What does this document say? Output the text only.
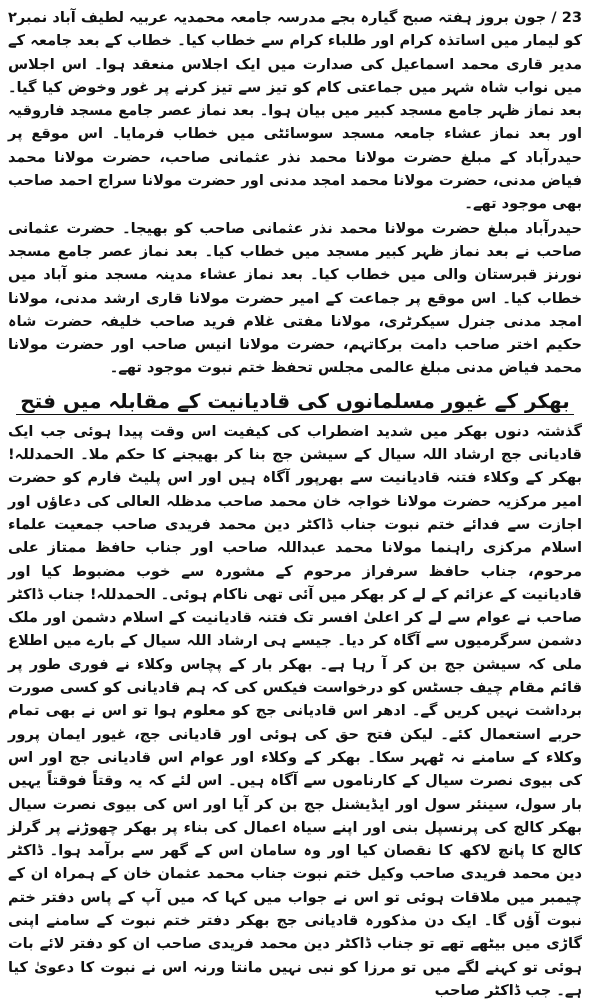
23 / جون بروز ہفتہ صبح گیارہ بجے مدرسہ جامعہ محمدیہ عربیہ لطیف آباد نمبر۲ کو لیمار میں اساتذہ کرام اور طلباء کرام سے خطاب کیا۔ خطاب کے بعد جامعہ کے مدیر قاری محمد اسماعیل کی صدارت میں ایک اجلاس منعقد ہوا۔ اس اجلاس میں نواب شاہ شہر میں جماعتی کام کو تیز سے تیز کرنے پر غور وخوض کیا گیا۔ بعد نماز ظہر جامع مسجد کبیر میں بیان ہوا۔ بعد نماز عصر جامع مسجد فاروقیہ اور بعد نماز عشاء جامعہ مسجد سوسائٹی میں خطاب فرمایا۔ اس موقع پر حیدرآباد کے مبلغ حضرت مولانا محمد نذر عثمانی صاحب، حضرت مولانا محمد فیاض مدنی، حضرت مولانا محمد امجد مدنی اور حضرت مولانا سراج احمد صاحب بھی موجود تھے۔

حیدرآباد مبلغ حضرت مولانا محمد نذر عثمانی صاحب کو بھیجا۔ حضرت عثمانی صاحب نے بعد نماز ظہر کبیر مسجد میں خطاب کیا۔ بعد نماز عصر جامع مسجد نورنز قبرستان والی میں خطاب کیا۔ بعد نماز عشاء مدینہ مسجد منو آباد میں خطاب کیا۔ اس موقع پر جماعت کے امیر حضرت مولانا قاری ارشد مدنی، مولانا امجد مدنی جنرل سیکرٹری، مولانا مفتی غلام فرید صاحب خلیفہ حضرت شاہ حکیم اختر صاحب دامت برکاتہم، حضرت مولانا انیس صاحب اور حضرت مولانا محمد فیاض مدنی مبلغ عالمی مجلس تحفظ ختم نبوت موجود تھے۔

بھکر کے غیور مسلمانوں کی قادیانیت کے مقابلہ میں فتح

گذشتہ دنوں بھکر میں شدید اضطراب کی کیفیت اس وقت پیدا ہوئی جب ایک قادیانی جج ارشاد اللہ سیال کے سیشن جج بنا کر بھیجنے کا حکم ملا۔ الحمدللہ! بھکر کے وکلاء فتنہ قادیانیت سے بھرپور آگاہ ہیں اور اس پلیٹ فارم کو حضرت امیر مرکزیہ حضرت مولانا خواجہ خان محمد صاحب مدظلہ العالی کی دعاؤں اور اجازت سے فدائے ختم نبوت جناب ڈاکٹر دین محمد فریدی صاحب جمعیت علماء اسلام مرکزی راہنما مولانا محمد عبداللہ صاحب اور جناب حافظ ممتاز علی مرحوم، جناب حافظ سرفراز مرحوم کے مشورہ سے خوب مضبوط کیا اور قادیانیت کے عزائم کے لے کر بھکر میں آئی تھی ناکام ہوئی۔ الحمدللہ! جناب ڈاکٹر صاحب نے عوام سے لے کر اعلیٰ افسر تک فتنہ قادیانیت کے اسلام دشمن اور ملک دشمن سرگرمیوں سے آگاہ کر دیا۔ جیسے ہی ارشاد اللہ سیال کے بارے میں اطلاع ملی کہ سیشن جج بن کر آ رہا ہے۔ بھکر بار کے پچاس وکلاء نے فوری طور پر قائم مقام چیف جسٹس کو درخواست فیکس کی کہ ہم قادیانی کو کسی صورت برداشت نہیں کریں گے۔ ادھر اس قادیانی جج کو معلوم ہوا تو اس نے بھی تمام حربے استعمال کئے۔ لیکن فتح حق کی ہوئی اور قادیانی جج، غیور ایمان پرور وکلاء کے سامنے نہ ٹھہر سکا۔ بھکر کے وکلاء اور عوام اس قادیانی جج اور اس کی بیوی نصرت سیال کے کارناموں سے آگاہ ہیں۔ اس لئے کہ یہ وقتاً فوقتاً یہیں بار سول، سینئر سول اور ایڈیشنل جج بن کر آیا اور اس کی بیوی نصرت سیال بھکر کالج کی پرنسپل بنی اور اپنے سیاہ اعمال کی بناء پر بھکر چھوڑنے پر گرلز کالج کا پانچ لاکھ کا نقصان کیا اور وہ سامان اس کے گھر سے برآمد ہوا۔ ڈاکٹر دین محمد فریدی صاحب وکیل ختم نبوت جناب محمد عثمان خان کے ہمراہ ان کے چیمبر میں ملاقات ہوئی تو اس نے جواب میں کہا کہ میں آپ کے پاس دفتر ختم نبوت آؤں گا۔ ایک دن مذکورہ قادیانی جج بھکر دفتر ختم نبوت کے سامنے اپنی گاڑی میں بیٹھے تھے تو جناب ڈاکٹر دین محمد فریدی صاحب ان کو دفتر لائے بات ہوئی تو کہنے لگے میں تو مرزا کو نبی نہیں مانتا ورنہ اس نے نبوت کا دعویٰ کیا ہے۔ جب ڈاکٹر صاحب
